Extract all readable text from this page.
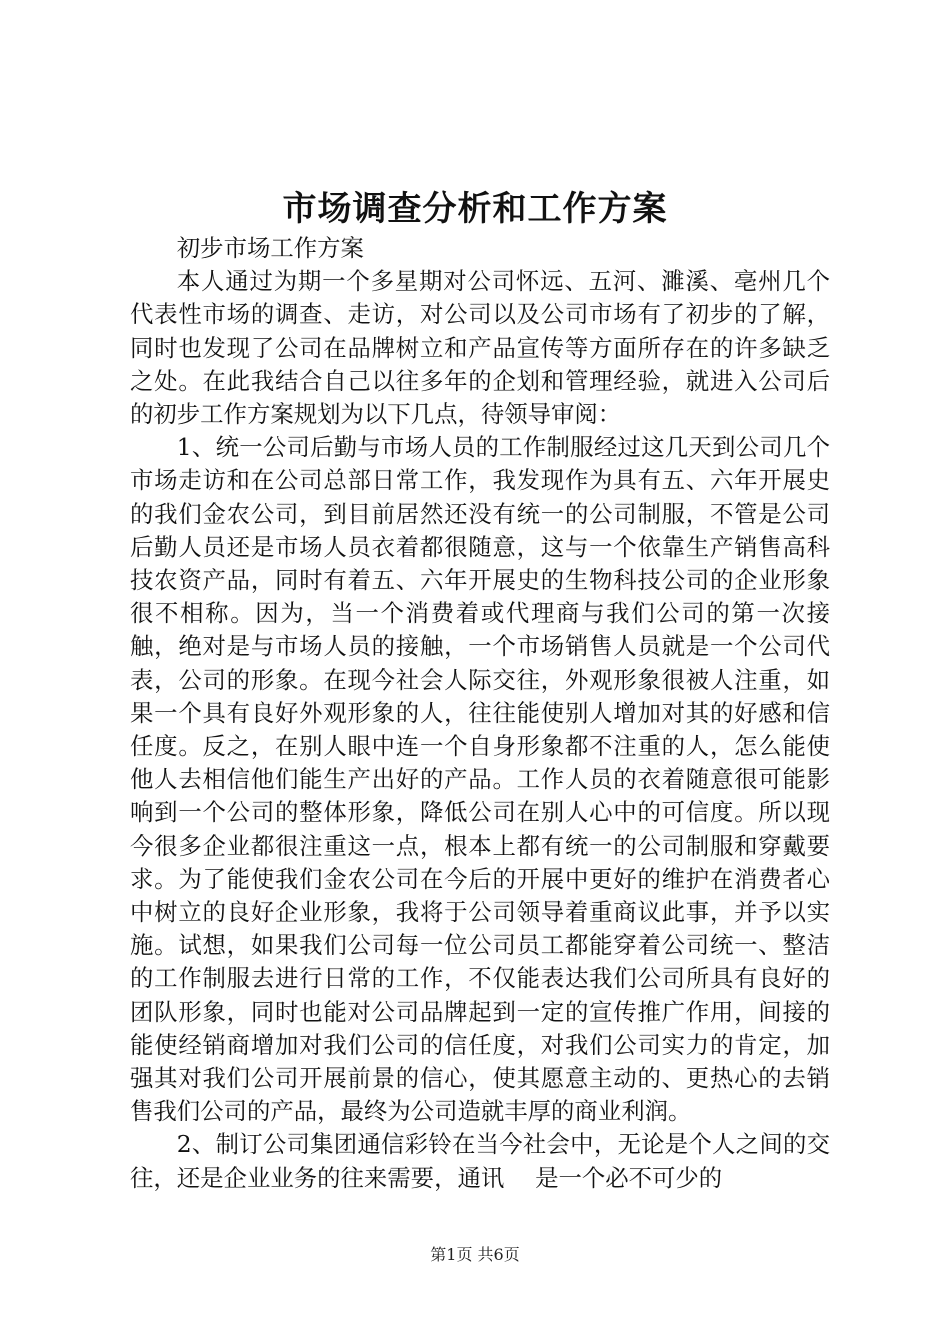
市场调查分析和工作方案

初步市场工作方案

本人通过为期一个多星期对公司怀远、五河、濉溪、亳州几个代表性市场的调查、走访，对公司以及公司市场有了初步的了解，同时也发现了公司在品牌树立和产品宣传等方面所存在的许多缺乏之处。在此我结合自己以往多年的企划和管理经验，就进入公司后的初步工作方案规划为以下几点，待领导审阅：

1、统一公司后勤与市场人员的工作制服经过这几天到公司几个市场走访和在公司总部日常工作，我发现作为具有五、六年开展史的我们金农公司，到目前居然还没有统一的公司制服，不管是公司后勤人员还是市场人员衣着都很随意，这与一个依靠生产销售高科技农资产品，同时有着五、六年开展史的生物科技公司的企业形象很不相称。因为，当一个消费着或代理商与我们公司的第一次接触，绝对是与市场人员的接触，一个市场销售人员就是一个公司代表，公司的形象。在现今社会人际交往，外观形象很被人注重，如果一个具有良好外观形象的人，往往能使别人增加对其的好感和信任度。反之，在别人眼中连一个自身形象都不注重的人，怎么能使他人去相信他们能生产出好的产品。工作人员的衣着随意很可能影响到一个公司的整体形象，降低公司在别人心中的可信度。所以现今很多企业都很注重这一点，根本上都有统一的公司制服和穿戴要求。为了能使我们金农公司在今后的开展中更好的维护在消费者心中树立的良好企业形象，我将于公司领导着重商议此事，并予以实施。试想，如果我们公司每一位公司员工都能穿着公司统一、整洁的工作制服去进行日常的工作，不仅能表达我们公司所具有良好的团队形象，同时也能对公司品牌起到一定的宣传推广作用，间接的能使经销商增加对我们公司的信任度，对我们公司实力的肯定，加强其对我们公司开展前景的信心，使其愿意主动的、更热心的去销售我们公司的产品，最终为公司造就丰厚的商业利润。

2、制订公司集团通信彩铃在当今社会中，无论是个人之间的交往，还是企业业务的往来需要，通讯　 是一个必不可少的

第1页 共6页
